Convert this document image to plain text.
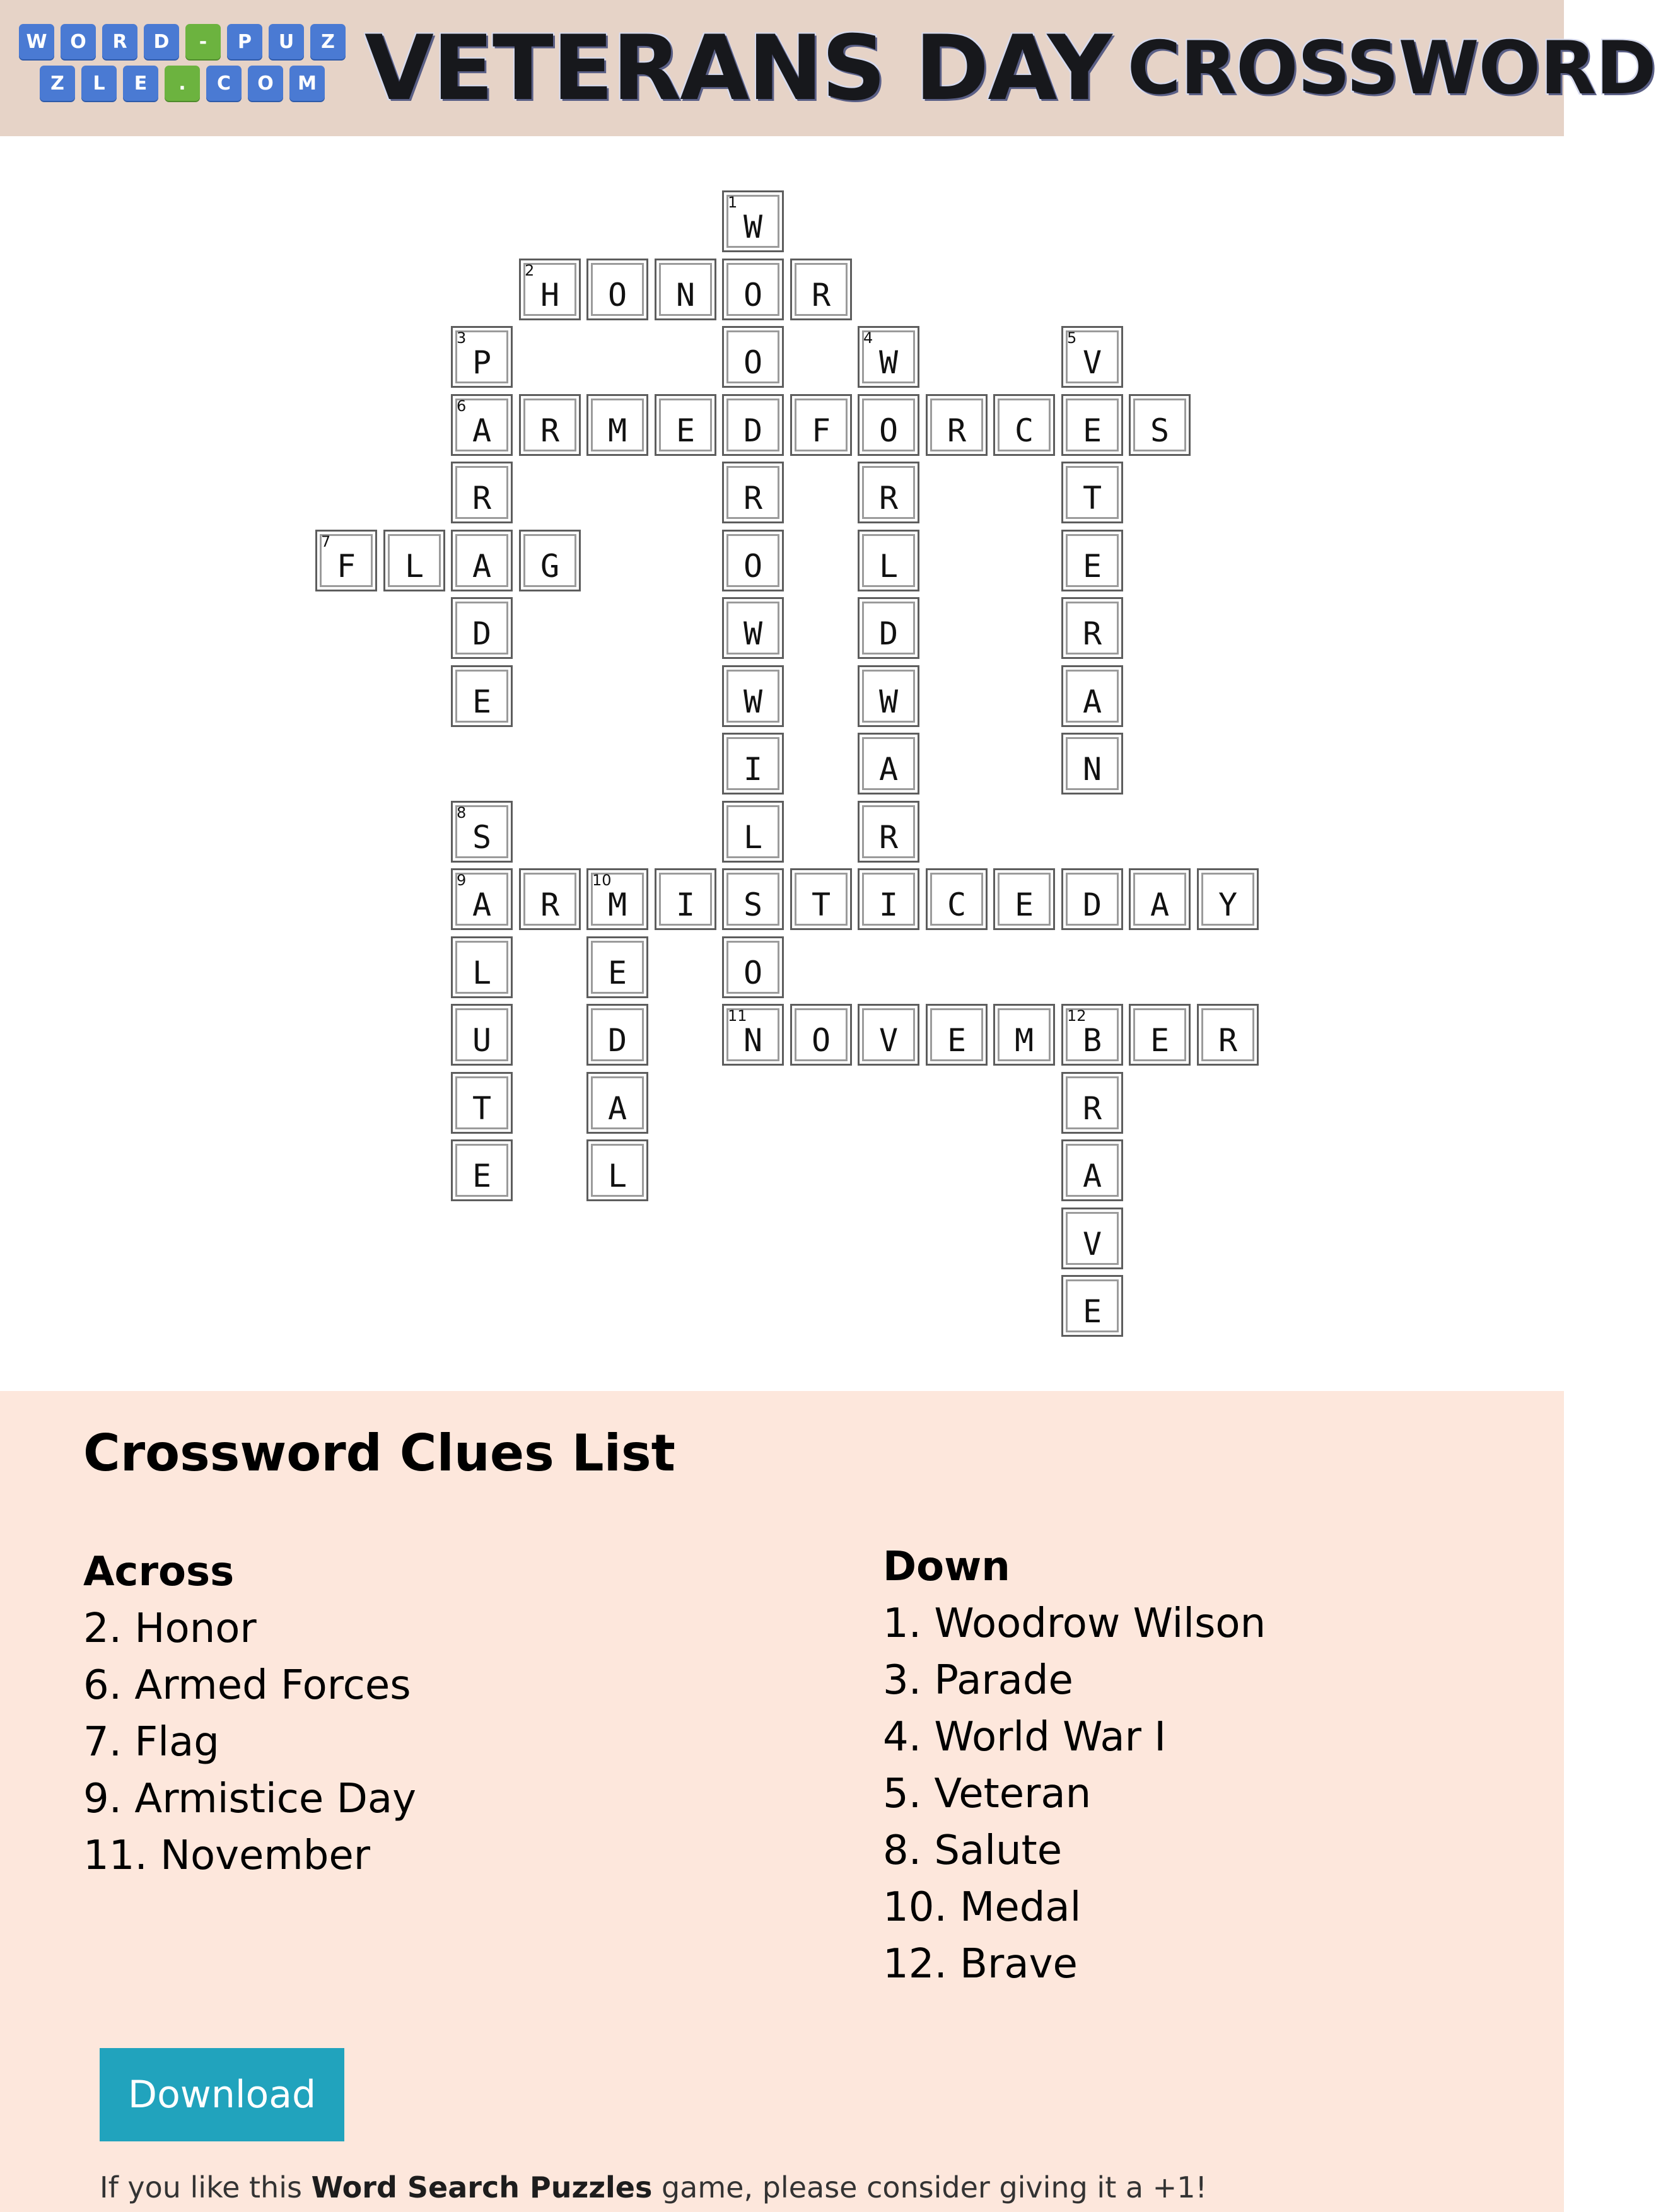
W	O	R	D	-	P	U	Z
Z	L	E	.	C	O	M VETERANS DAY CROSSWORD
2
H	O	N	O	R
6
A	R	M	E	D	F	O	R	C	E	S
7
F	L	A	G
9
A	R
10
M	I	S	T	I	C	E	D	A	Y
11
N	O	V	E	M
12
B	E	R
1
W
O
R
O
W
W
I
L
O
3
P
R
D
E
4
W
R
L
D
W
A
R
5
V
T
E
R
A
N
8
S
L
U
T
E
E
D
A
L
R
A
V
E
Crossword Clues List
Across
2. Honor
6. Armed Forces
7. Flag
9. Armistice Day
11. November
Down
1. Woodrow Wilson
3. Parade
4. World War I
5. Veteran
8. Salute
10. Medal
12. Brave
Download
If you like this Word Search Puzzles game, please consider giving it a +1!
